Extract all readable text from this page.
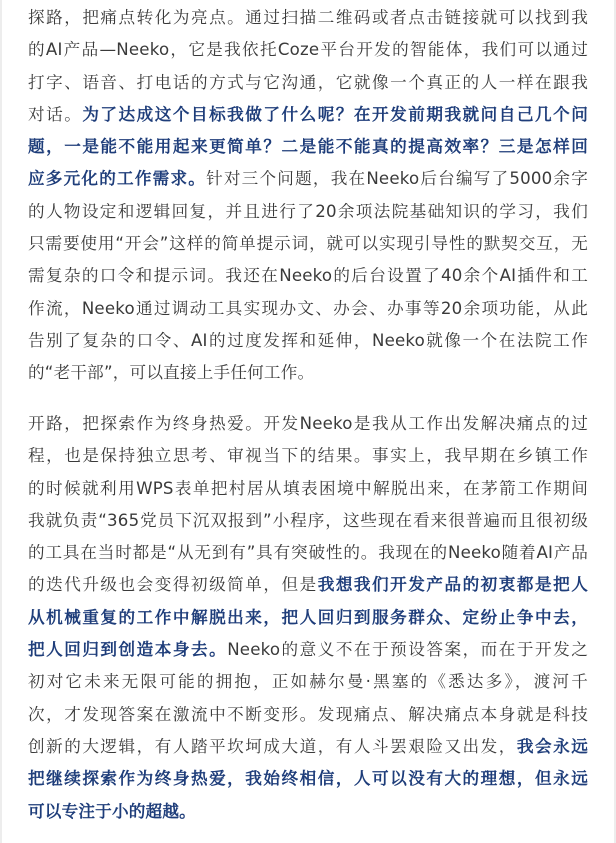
探路，把痛点转化为亮点。通过扫描二维码或者点击链接就可以找到我
的AI产品—Neeko，它是我依托Coze平台开发的智能体，我们可以通过
打字、语音、打电话的方式与它沟通，它就像一个真正的人一样在跟我
对话。为了达成这个目标我做了什么呢？在开发前期我就问自己几个问
题，一是能不能用起来更简单？二是能不能真的提高效率？三是怎样回
应多元化的工作需求。针对三个问题，我在Neeko后台编写了5000余字
的人物设定和逻辑回复，并且进行了20余项法院基础知识的学习，我们
只需要使用“开会”这样的简单提示词，就可以实现引导性的默契交互，无
需复杂的口令和提示词。我还在Neeko的后台设置了40余个AI插件和工
作流，Neeko通过调动工具实现办文、办会、办事等20余项功能，从此
告别了复杂的口令、AI的过度发挥和延伸，Neeko就像一个在法院工作
的“老干部”，可以直接上手任何工作。
开路，把探索作为终身热爱。开发Neeko是我从工作出发解决痛点的过
程，也是保持独立思考、审视当下的结果。事实上，我早期在乡镇工作
的时候就利用WPS表单把村居从填表困境中解脱出来，在茅箭工作期间
我就负责“365党员下沉双报到”小程序，这些现在看来很普遍而且很初级
的工具在当时都是“从无到有”具有突破性的。我现在的Neeko随着AI产品
的迭代升级也会变得初级简单，但是我想我们开发产品的初衷都是把人
从机械重复的工作中解脱出来，把人回归到服务群众、定纷止争中去，
把人回归到创造本身去。Neeko的意义不在于预设答案，而在于开发之
初对它未来无限可能的拥抱，正如赫尔曼·黑塞的《悉达多》，渡河千
次，才发现答案在激流中不断变形。发现痛点、解决痛点本身就是科技
创新的大逻辑，有人踏平坎坷成大道，有人斗罢艰险又出发，我会永远
把继续探索作为终身热爱，我始终相信，人可以没有大的理想，但永远
可以专注于小的超越。
